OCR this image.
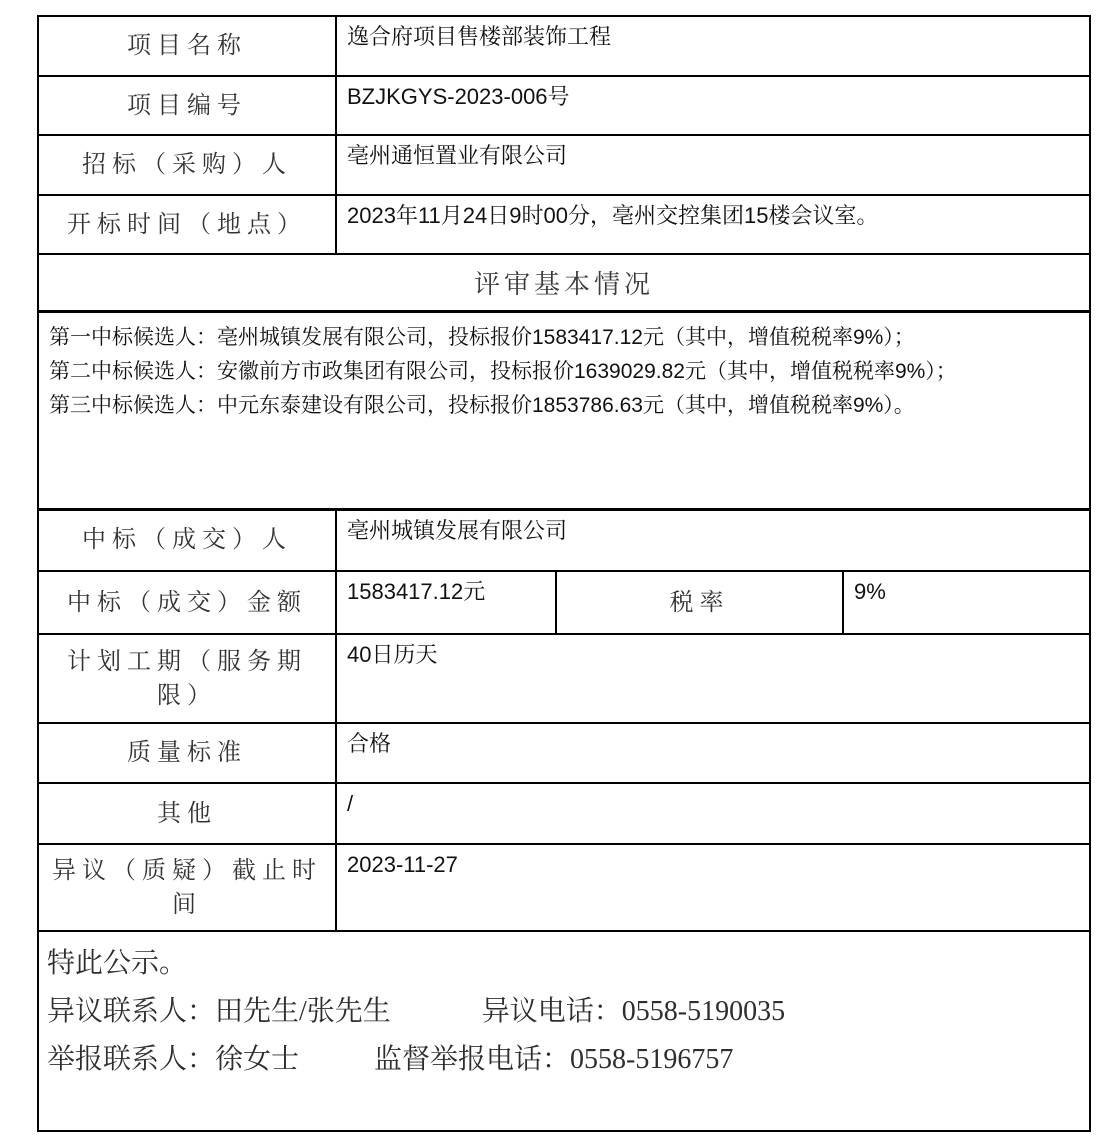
项目名称	逸合府项目售楼部装饰工程		
项目编号	BZJKGYS-2023-006号		
招标（采购）人	亳州通恒置业有限公司		
开标时间（地点）	2023年11月24日9时00分，亳州交控集团15楼会议室。		
评审基本情况			

第一中标候选人：亳州城镇发展有限公司，投标报价1583417.12元（其中，增值税税率9%）；
第二中标候选人：安徽前方市政集团有限公司，投标报价1639029.82元（其中，增值税税率9%）；
第三中标候选人：中元东泰建设有限公司，投标报价1853786.63元（其中，增值税税率9%）。			

中标（成交）人	亳州城镇发展有限公司		
中标（成交）金额	1583417.12元	税率	9%
计划工期（服务期限）	40日历天		
质量标准	合格		
其他	/		
异议（质疑）截止时间	2023-11-27		

特此公示。
异议联系人：田先生/张先生 异议电话：0558-5190035
举报联系人：徐女士 监督举报电话：0558-5196757			
